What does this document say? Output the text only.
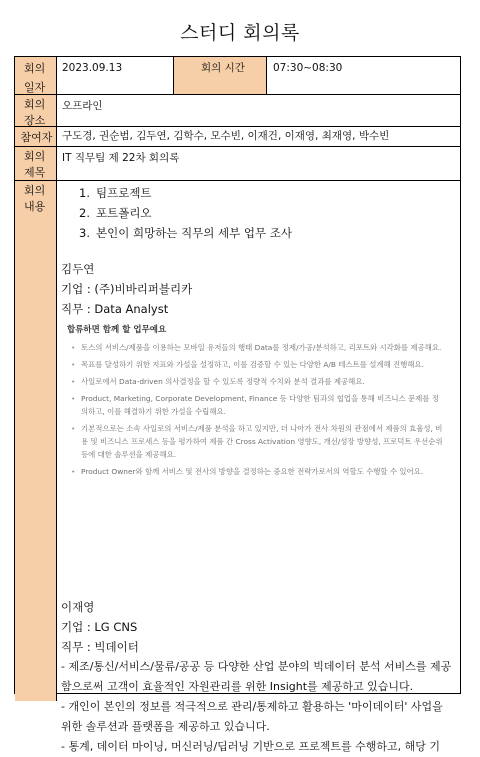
스터디 회의록
회의
일자
2023.09.13	회의 시간	07:30~08:30
회의
장소
오프라인
참여자 구도경, 권순범, 김두연, 김학수, 모수빈, 이재건, 이재영, 최재영, 박수빈
회의
제목
IT 직무팀 제 22차 회의록
회의
내용
1. 팀프로젝트
2. 포트폴리오
3. 본인이 희망하는 직무의 세부 업무 조사
김두연
기업 : (주)비바리퍼블리카
직무 : Data Analyst
합류하면 함께 할 업무예요
• 토스의 서비스/제품을 이용하는 모바일 유저들의 행태 Data를 정제/가공/분석하고, 리포트와 시각화를 제공해요.
• 목표를 달성하기 위한 지표와 가설을 설정하고, 이를 검증할 수 있는 다양한 A/B 테스트를 설계해 진행해요.
• 사일로에서 Data-driven 의사결정을 할 수 있도록 정량적 수치와 분석 결과를 제공해요.
• Product, Marketing, Corporate Development, Finance 등 다양한 팀과의 협업을 통해 비즈니스 문제를 정의하고, 이를 해결하기 위한 가설을 수립해요.
• 기본적으로는 소속 사일로의 서비스/제품 분석을 하고 있지만, 더 나아가 전사 차원의 관점에서 제품의 효율성, 비용 및 비즈니스 프로세스 등을 평가하여 제품 간 Cross Activation 영향도, 개선/성장 방향성, 프로덕트 우선순위 등에 대한 솔루션을 제공해요.
• Product Owner와 함께 서비스 및 전사의 방향을 결정하는 중요한 전략가로서의 역할도 수행할 수 있어요.
이재영
기업 : LG CNS
직무 : 빅데이터
- 제조/통신/서비스/물류/공공 등 다양한 산업 분야의 빅데이터 분석 서비스를 제공함으로써 고객이 효율적인 자원관리를 위한 Insight를 제공하고 있습니다.
- 개인이 본인의 정보를 적극적으로 관리/통제하고 활용하는 '마이데이터' 사업을 위한 솔루션과 플랫폼을 제공하고 있습니다.
- 통계, 데이터 마이닝, 머신러닝/딥러닝 기반으로 프로젝트를 수행하고, 해당 기
